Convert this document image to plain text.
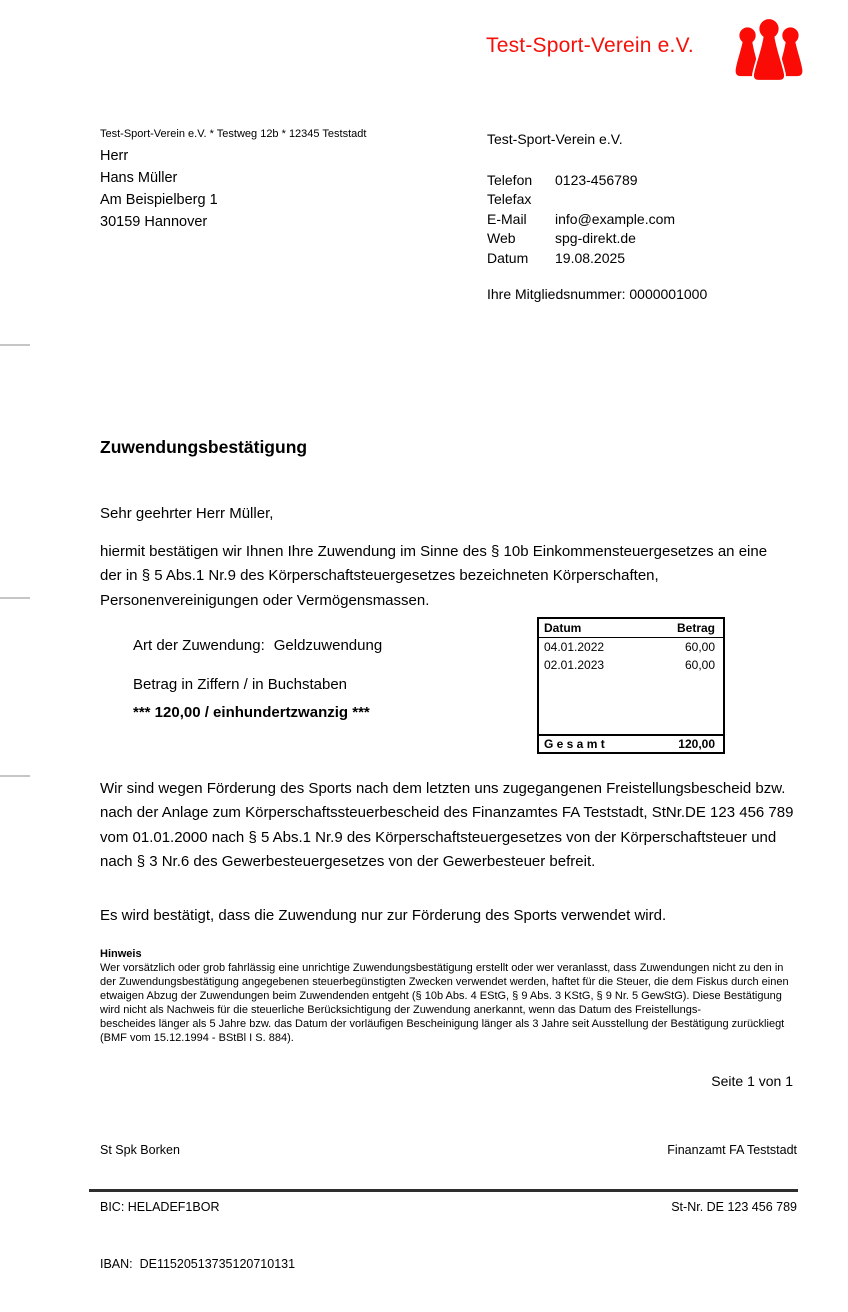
Test-Sport-Verein e.V.
Test-Sport-Verein e.V. * Testweg 12b * 12345 Teststadt
Herr
Hans Müller
Am Beispielberg 1
30159 Hannover
Test-Sport-Verein e.V.
Telefon	0123-456789
Telefax
E-Mail	info@example.com
Web	spg-direkt.de
Datum	19.08.2025
Ihre Mitgliedsnummer: 0000001000
Zuwendungsbestätigung
Sehr geehrter Herr Müller,
hiermit bestätigen wir Ihnen Ihre Zuwendung im Sinne des § 10b Einkommensteuergesetzes an eine der in § 5 Abs.1 Nr.9 des Körperschaftsteuergesetzes bezeichneten Körperschaften, Personenvereinigungen oder Vermögensmassen.
Art der Zuwendung: Geldzuwendung
Betrag in Ziffern / in Buchstaben
*** 120,00 / einhundertzwanzig ***
Datum	Betrag
04.01.2022	60,00
02.01.2023	60,00
G e s a m t	120,00
Wir sind wegen Förderung des Sports nach dem letzten uns zugegangenen Freistellungsbescheid bzw. nach der Anlage zum Körperschaftssteuerbescheid des Finanzamtes FA Teststadt, StNr.DE 123 456 789 vom 01.01.2000 nach § 5 Abs.1 Nr.9 des Körperschaftsteuergesetzes von der Körperschaftsteuer und nach § 3 Nr.6 des Gewerbesteuergesetzes von der Gewerbesteuer befreit.
Es wird bestätigt, dass die Zuwendung nur zur Förderung des Sports verwendet wird.
Hinweis

Wer vorsätzlich oder grob fahrlässig eine unrichtige Zuwendungsbestätigung erstellt oder wer veranlasst, dass Zuwendungen nicht zu den in der Zuwendungsbestätigung angegebenen steuerbegünstigten Zwecken verwendet werden, haftet für die Steuer, die dem Fiskus durch einen etwaigen Abzug der Zuwendungen beim Zuwendenden entgeht (§ 10b Abs. 4 EStG, § 9 Abs. 3 KStG, § 9 Nr. 5 GewStG). Diese Bestätigung wird nicht als Nachweis für die steuerliche Berücksichtigung der Zuwendung anerkannt, wenn das Datum des Freistellungs-

bescheides länger als 5 Jahre bzw. das Datum der vorläufigen Bescheinigung länger als 3 Jahre seit Ausstellung der Bestätigung zurückliegt (BMF vom 15.12.1994 - BStBl I S. 884).

Seite 1 von 1

St Spk Borken

BIC: HELADEF1BOR

IBAN:  DE11520513735120710131

Finanzamt FA Teststadt

St-Nr. DE 123 456 789
